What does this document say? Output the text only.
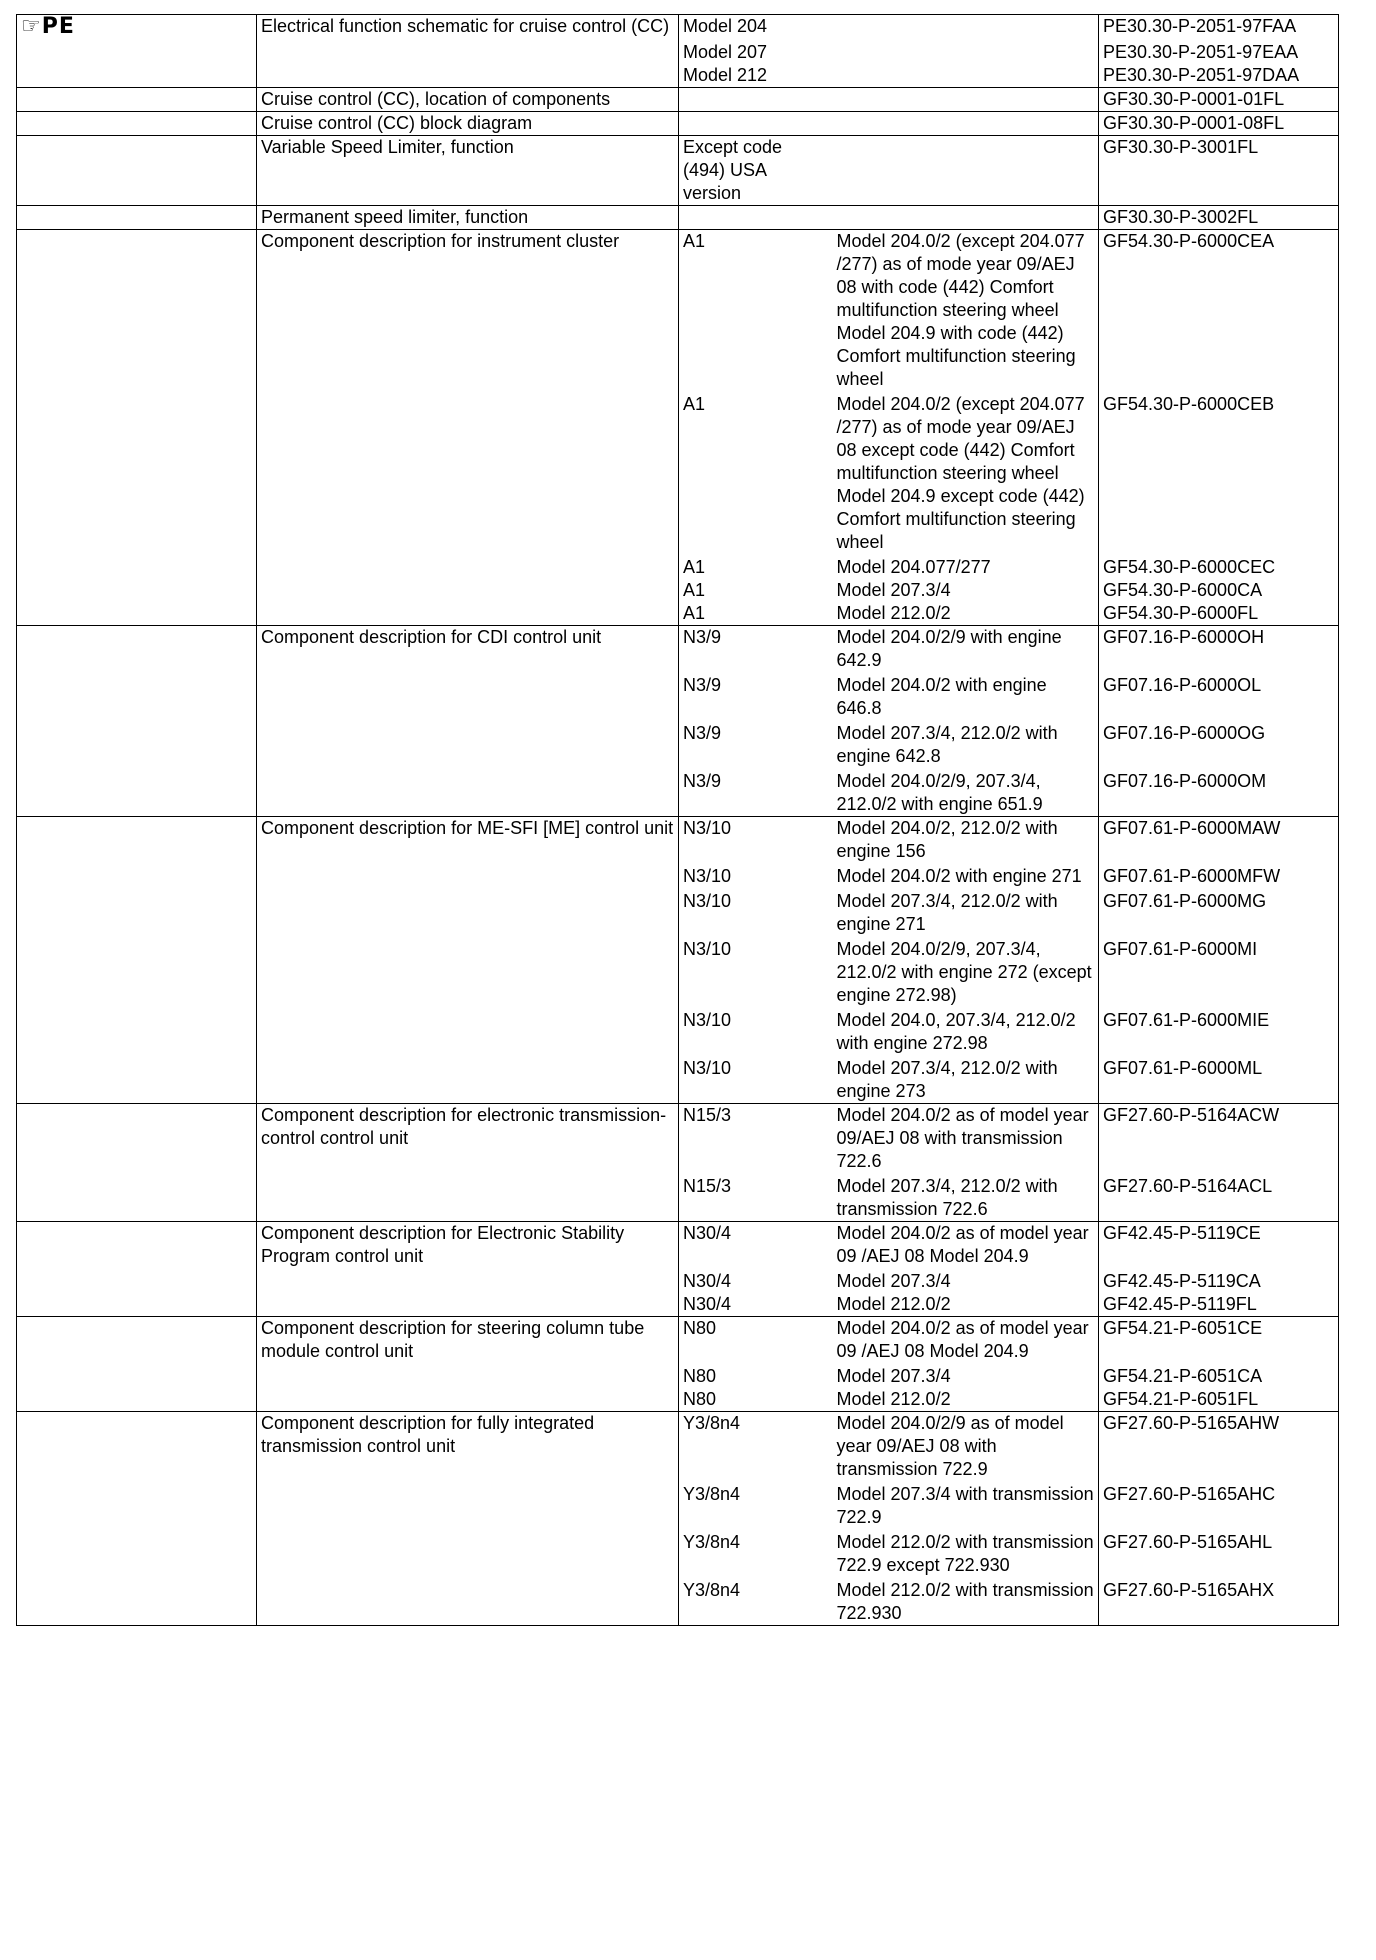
☞PE	Electrical function schematic for cruise control (CC)	Model 204		PE30.30-P-2051-97FAA
		Model 207		PE30.30-P-2051-97EAA
		Model 212		PE30.30-P-2051-97DAA
	Cruise control (CC), location of components			GF30.30-P-0001-01FL
	Cruise control (CC) block diagram			GF30.30-P-0001-08FL
	Variable Speed Limiter, function	Except code (494) USA version		GF30.30-P-3001FL
	Permanent speed limiter, function			GF30.30-P-3002FL
	Component description for instrument cluster	A1	Model 204.0/2 (except 204.077 /277) as of mode year 09/AEJ 08 with code (442) Comfort multifunction steering wheel Model 204.9 with code (442) Comfort multifunction steering wheel	GF54.30-P-6000CEA
		A1	Model 204.0/2 (except 204.077 /277) as of mode year 09/AEJ 08 except code (442) Comfort multifunction steering wheel Model 204.9 except code (442) Comfort multifunction steering wheel	GF54.30-P-6000CEB
		A1	Model 204.077/277	GF54.30-P-6000CEC
		A1	Model 207.3/4	GF54.30-P-6000CA
		A1	Model 212.0/2	GF54.30-P-6000FL
	Component description for CDI control unit	N3/9	Model 204.0/2/9 with engine 642.9	GF07.16-P-6000OH
		N3/9	Model 204.0/2 with engine 646.8	GF07.16-P-6000OL
		N3/9	Model 207.3/4, 212.0/2 with engine 642.8	GF07.16-P-6000OG
		N3/9	Model 204.0/2/9, 207.3/4, 212.0/2 with engine 651.9	GF07.16-P-6000OM
	Component description for ME-SFI [ME] control unit	N3/10	Model 204.0/2, 212.0/2 with engine 156	GF07.61-P-6000MAW
		N3/10	Model 204.0/2 with engine 271	GF07.61-P-6000MFW
		N3/10	Model 207.3/4, 212.0/2 with engine 271	GF07.61-P-6000MG
		N3/10	Model 204.0/2/9, 207.3/4, 212.0/2 with engine 272 (except engine 272.98)	GF07.61-P-6000MI
		N3/10	Model 204.0, 207.3/4, 212.0/2 with engine 272.98	GF07.61-P-6000MIE
		N3/10	Model 207.3/4, 212.0/2 with engine 273	GF07.61-P-6000ML
	Component description for electronic transmission-control control unit	N15/3	Model 204.0/2 as of model year 09/AEJ 08 with transmission 722.6	GF27.60-P-5164ACW
		N15/3	Model 207.3/4, 212.0/2 with transmission 722.6	GF27.60-P-5164ACL
	Component description for Electronic Stability Program control unit	N30/4	Model 204.0/2 as of model year 09 /AEJ 08 Model 204.9	GF42.45-P-5119CE
		N30/4	Model 207.3/4	GF42.45-P-5119CA
		N30/4	Model 212.0/2	GF42.45-P-5119FL
	Component description for steering column tube module control unit	N80	Model 204.0/2 as of model year 09 /AEJ 08 Model 204.9	GF54.21-P-6051CE
		N80	Model 207.3/4	GF54.21-P-6051CA
		N80	Model 212.0/2	GF54.21-P-6051FL
	Component description for fully integrated transmission control unit	Y3/8n4	Model 204.0/2/9 as of model year 09/AEJ 08 with transmission 722.9	GF27.60-P-5165AHW
		Y3/8n4	Model 207.3/4 with transmission 722.9	GF27.60-P-5165AHC
		Y3/8n4	Model 212.0/2 with transmission 722.9 except 722.930	GF27.60-P-5165AHL
		Y3/8n4	Model 212.0/2 with transmission 722.930	GF27.60-P-5165AHX
